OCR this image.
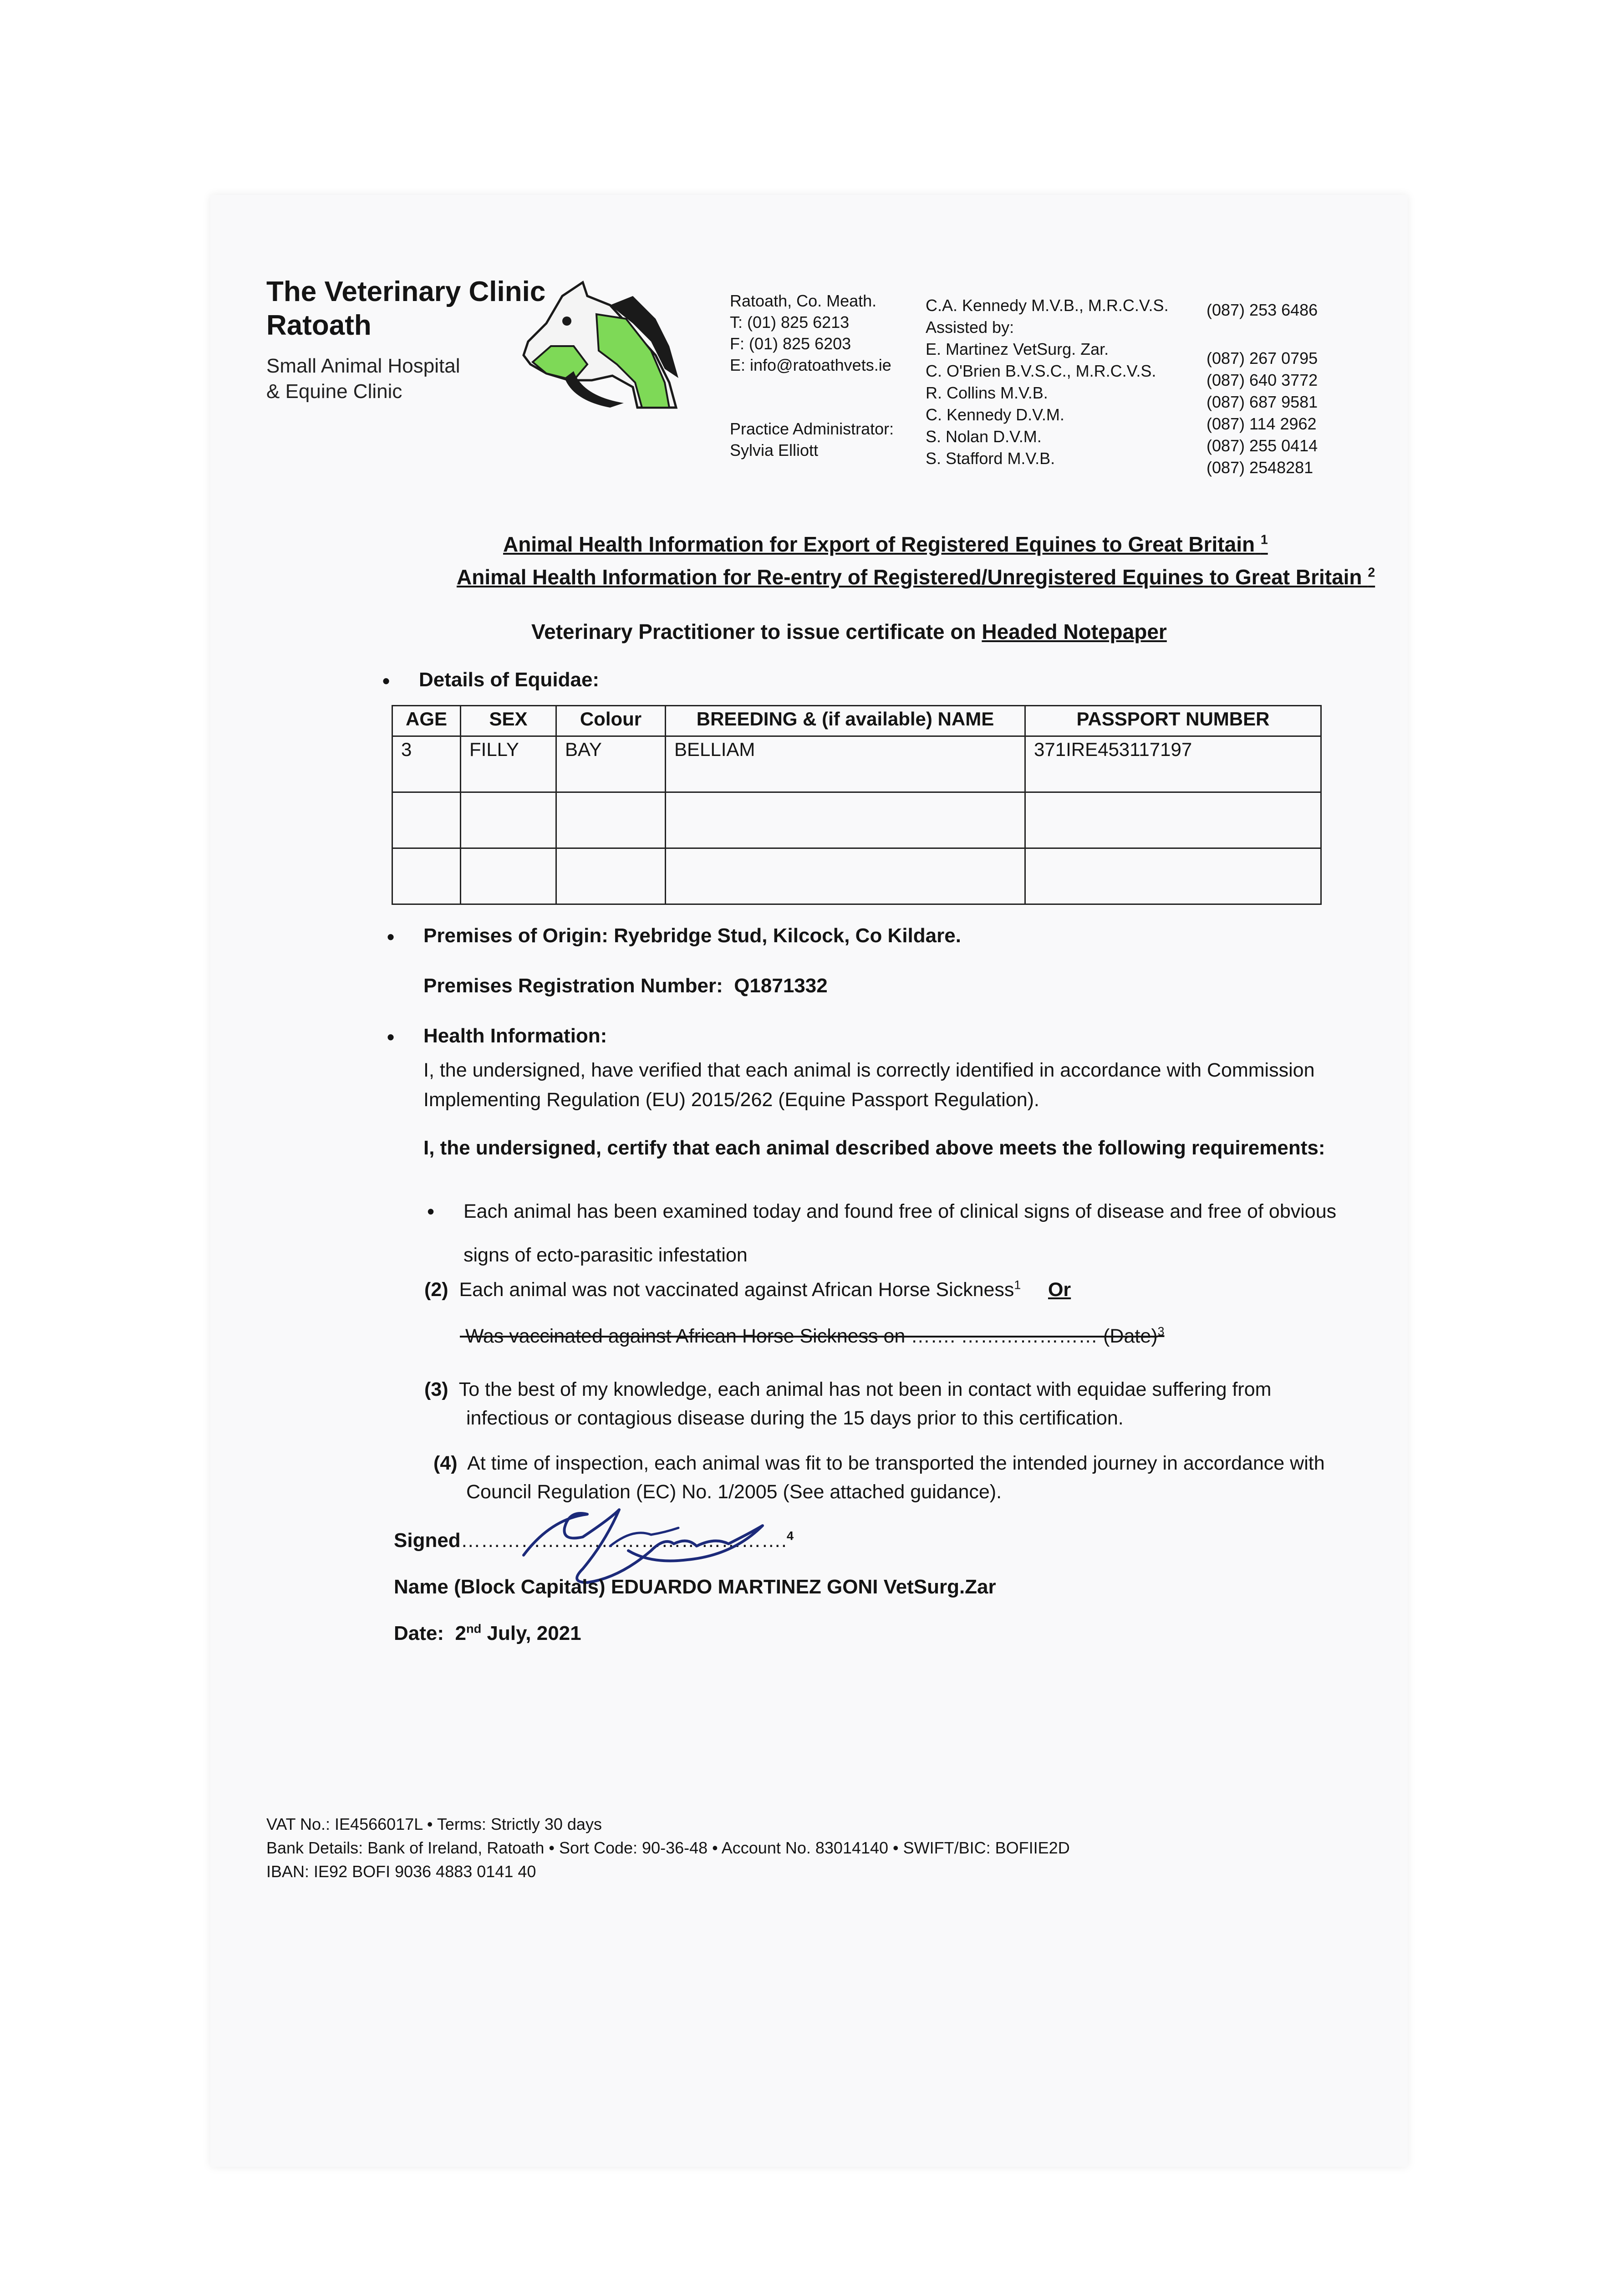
The Veterinary Clinic
Ratoath
Small Animal Hospital
& Equine Clinic
Ratoath, Co. Meath.
T: (01) 825 6213
F: (01) 825 6203
E: info@ratoathvets.ie
Practice Administrator:
Sylvia Elliott
C.A. Kennedy M.V.B., M.R.C.V.S.
Assisted by:
E. Martinez VetSurg. Zar.
C. O'Brien B.V.S.C., M.R.C.V.S.
R. Collins M.V.B.
C. Kennedy D.V.M.
S. Nolan D.V.M.
S. Stafford M.V.B.
(087) 253 6486
(087) 267 0795
(087) 640 3772
(087) 687 9581
(087) 114 2962
(087) 255 0414
(087) 2548281
Animal Health Information for Export of Registered Equines to Great Britain $^1$
Animal Health Information for Re-entry of Registered/Unregistered Equines to Great Britain $^2$
Veterinary Practitioner to issue certificate on Headed Notepaper
• Details of Equidae:
AGE	SEX	Colour	BREEDING & (if available) NAME	PASSPORT NUMBER
3	FILLY	BAY	BELLIAM	371IRE453117197

• Premises of Origin: Ryebridge Stud, Kilcock, Co Kildare.
Premises Registration Number: Q1871332
• Health Information:
I, the undersigned, have verified that each animal is correctly identified in accordance with Commission
Implementing Regulation (EU) 2015/262 (Equine Passport Regulation).
I, the undersigned, certify that each animal described above meets the following requirements:
• Each animal has been examined today and found free of clinical signs of disease and free of obvious
signs of ecto-parasitic infestation
(2) Each animal was not vaccinated against African Horse Sickness$^1$ Or
Was vaccinated against African Horse Sickness on ……. ………………… (Date)$^3$
(3) To the best of my knowledge, each animal has not been in contact with equidae suffering from
infectious or contagious disease during the 15 days prior to this certification.
(4) At time of inspection, each animal was fit to be transported the intended journey in accordance with
Council Regulation (EC) No. 1/2005 (See attached guidance).
Signed………………………………………….$^4$
Name (Block Capitals) EDUARDO MARTINEZ GONI VetSurg.Zar
Date: 2nd July, 2021
VAT No.: IE4566017L • Terms: Strictly 30 days
Bank Details: Bank of Ireland, Ratoath • Sort Code: 90-36-48 • Account No. 83014140 • SWIFT/BIC: BOFIIE2D
IBAN: IE92 BOFI 9036 4883 0141 40
